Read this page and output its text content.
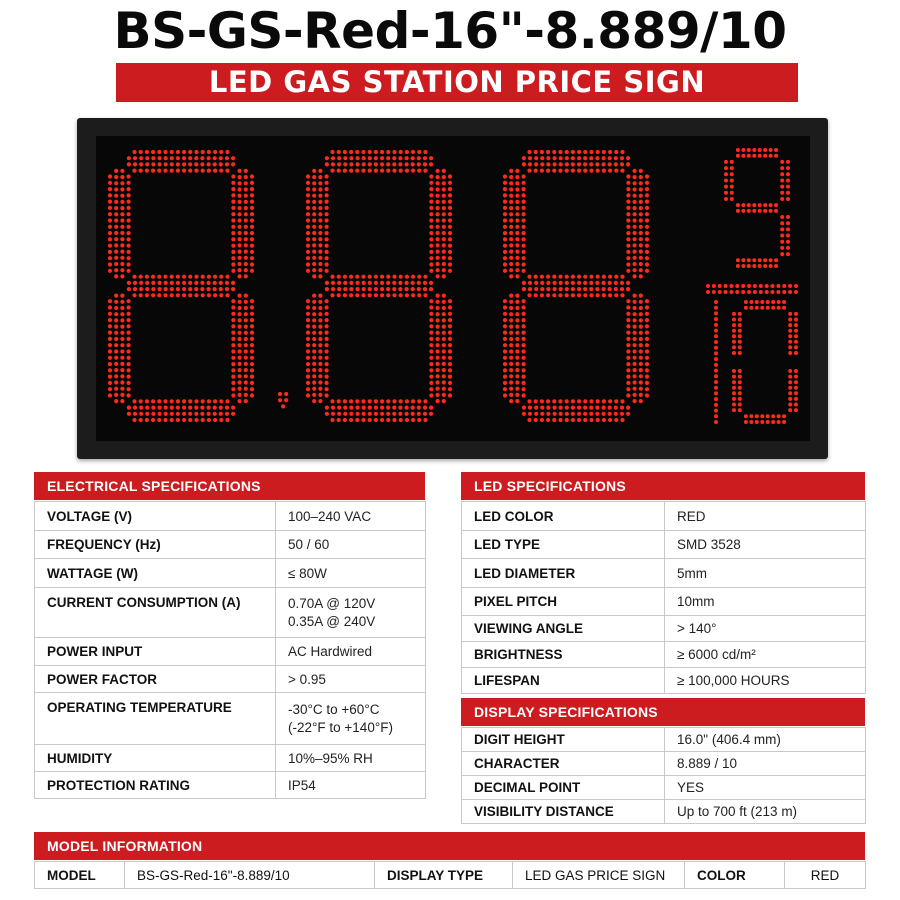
BS-GS-Red-16"-8.889/10
LED GAS STATION PRICE SIGN
ELECTRICAL SPECIFICATIONS
VOLTAGE (V)	100–240 VAC
FREQUENCY (Hz)	50 / 60
WATTAGE (W)	≤ 80W
CURRENT CONSUMPTION (A)	0.70A @ 120V
0.35A @ 240V

POWER INPUT	AC Hardwired
POWER FACTOR	> 0.95
OPERATING TEMPERATURE	-30°C to +60°C
(-22°F to +140°F)

HUMIDITY	10%–95% RH
PROTECTION RATING	IP54
LED SPECIFICATIONS
LED COLOR	RED
LED TYPE	SMD 3528
LED DIAMETER	5mm
PIXEL PITCH	10mm
VIEWING ANGLE	> 140°
BRIGHTNESS	≥ 6000 cd/m²
LIFESPAN	≥ 100,000 HOURS
DISPLAY SPECIFICATIONS
DIGIT HEIGHT	16.0" (406.4 mm)
CHARACTER	8.889 / 10
DECIMAL POINT	YES
VISIBILITY DISTANCE	Up to 700 ft (213 m)
MODEL INFORMATION
MODEL	BS-GS-Red-16"-8.889/10	DISPLAY TYPE	LED GAS PRICE SIGN	COLOR	RED
